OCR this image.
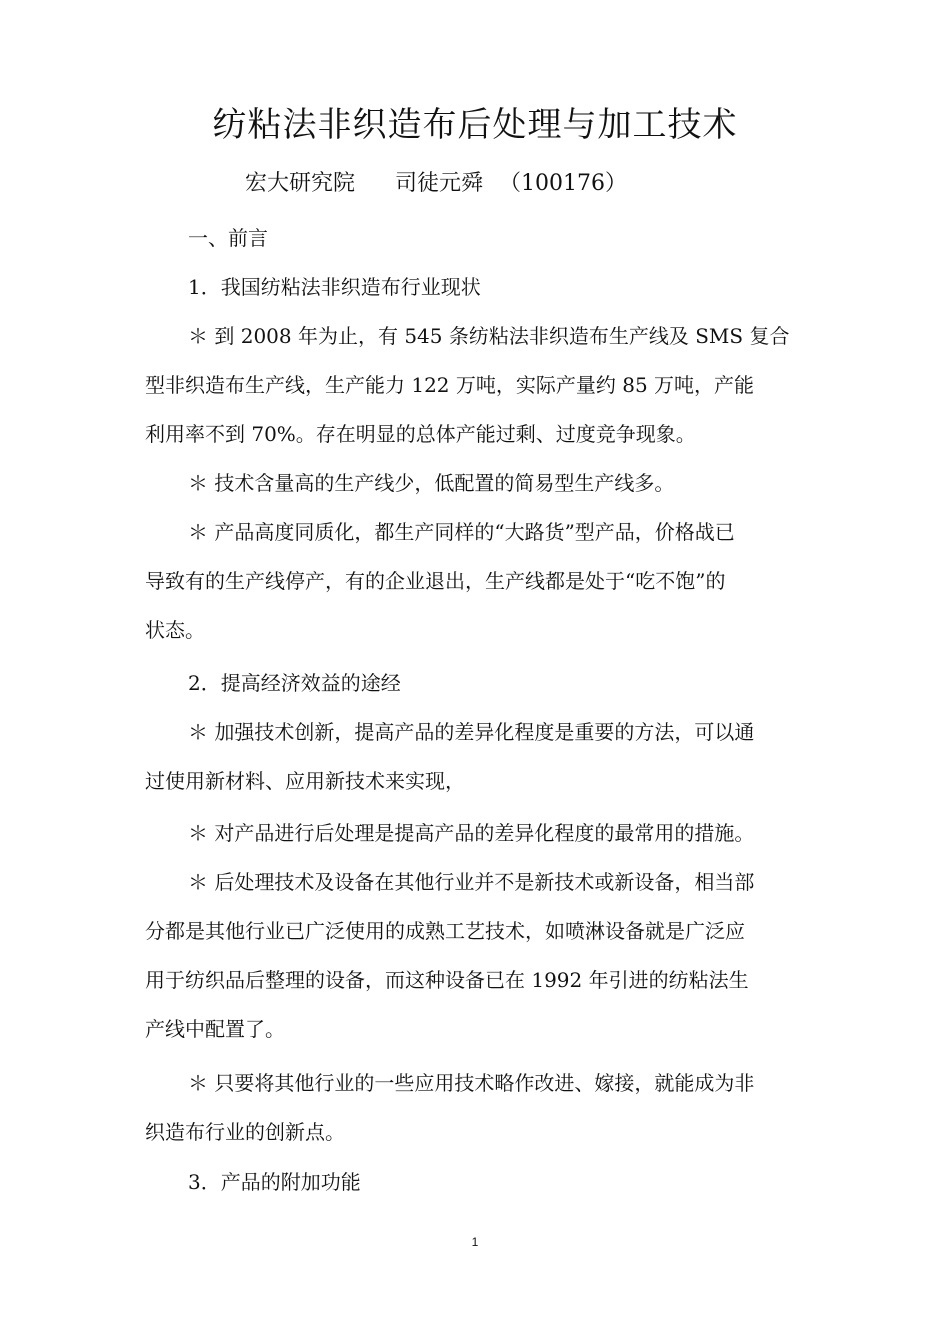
纺粘法非织造布后处理与加工技术
宏大研究院 司徒元舜 （100176）
一、前言
1．我国纺粘法非织造布行业现状
＊ 到 2008 年为止，有 545 条纺粘法非织造布生产线及 SMS 复合
型非织造布生产线，生产能力 122 万吨，实际产量约 85 万吨，产能
利用率不到 70%。存在明显的总体产能过剩、过度竞争现象。
＊ 技术含量高的生产线少，低配置的简易型生产线多。
＊ 产品高度同质化，都生产同样的“大路货”型产品，价格战已
导致有的生产线停产，有的企业退出，生产线都是处于“吃不饱”的
状态。
2．提高经济效益的途经
＊ 加强技术创新，提高产品的差异化程度是重要的方法，可以通
过使用新材料、应用新技术来实现，
＊ 对产品进行后处理是提高产品的差异化程度的最常用的措施。
＊ 后处理技术及设备在其他行业并不是新技术或新设备，相当部
分都是其他行业已广泛使用的成熟工艺技术，如喷淋设备就是广泛应
用于纺织品后整理的设备，而这种设备已在 1992 年引进的纺粘法生
产线中配置了。
＊ 只要将其他行业的一些应用技术略作改进、嫁接，就能成为非
织造布行业的创新点。
3．产品的附加功能
1
